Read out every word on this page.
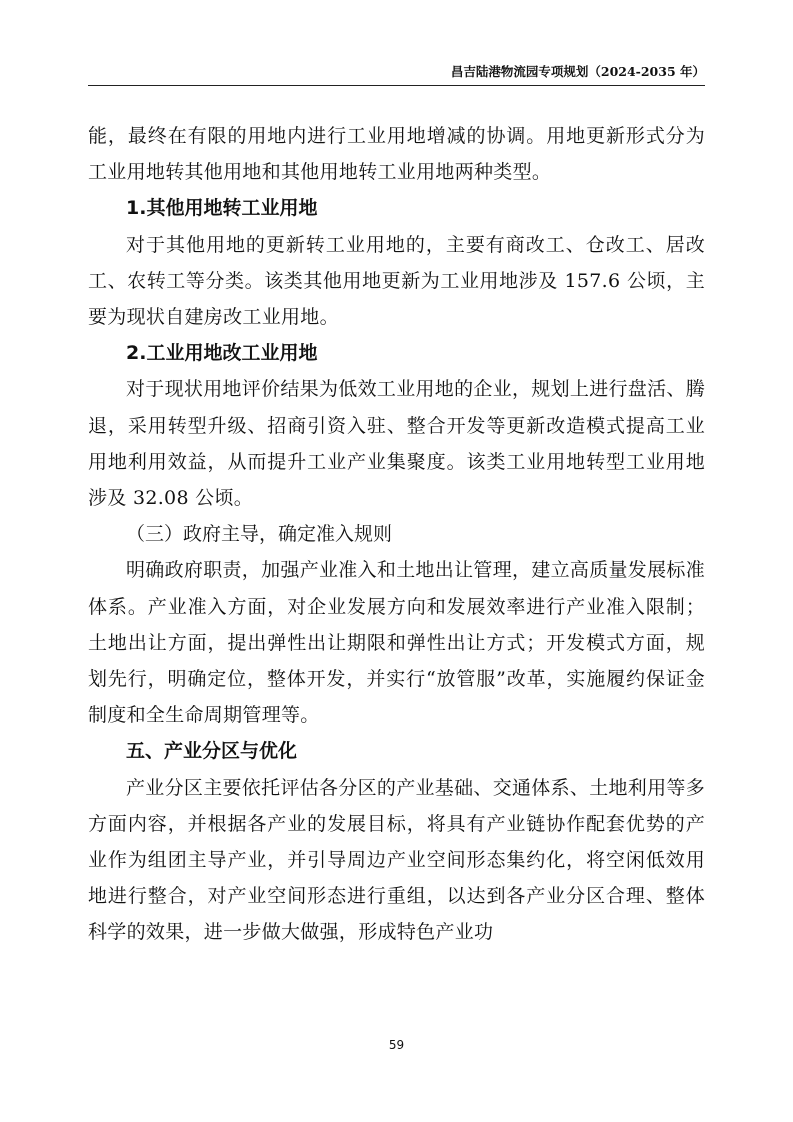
昌吉陆港物流园专项规划（2024-2035 年）

能，最终在有限的用地内进行工业用地增减的协调。用地更新形式分为工业用地转其他用地和其他用地转工业用地两种类型。

1.其他用地转工业用地

对于其他用地的更新转工业用地的，主要有商改工、仓改工、居改工、农转工等分类。该类其他用地更新为工业用地涉及 157.6 公顷，主要为现状自建房改工业用地。

2.工业用地改工业用地

对于现状用地评价结果为低效工业用地的企业，规划上进行盘活、腾退，采用转型升级、招商引资入驻、整合开发等更新改造模式提高工业用地利用效益，从而提升工业产业集聚度。该类工业用地转型工业用地涉及 32.08 公顷。

（三）政府主导，确定准入规则

明确政府职责，加强产业准入和土地出让管理，建立高质量发展标准体系。产业准入方面，对企业发展方向和发展效率进行产业准入限制；土地出让方面，提出弹性出让期限和弹性出让方式；开发模式方面，规划先行，明确定位，整体开发，并实行“放管服”改革，实施履约保证金制度和全生命周期管理等。

五、产业分区与优化

产业分区主要依托评估各分区的产业基础、交通体系、土地利用等多方面内容，并根据各产业的发展目标，将具有产业链协作配套优势的产业作为组团主导产业，并引导周边产业空间形态集约化，将空闲低效用地进行整合，对产业空间形态进行重组，以达到各产业分区合理、整体科学的效果，进一步做大做强，形成特色产业功

59
